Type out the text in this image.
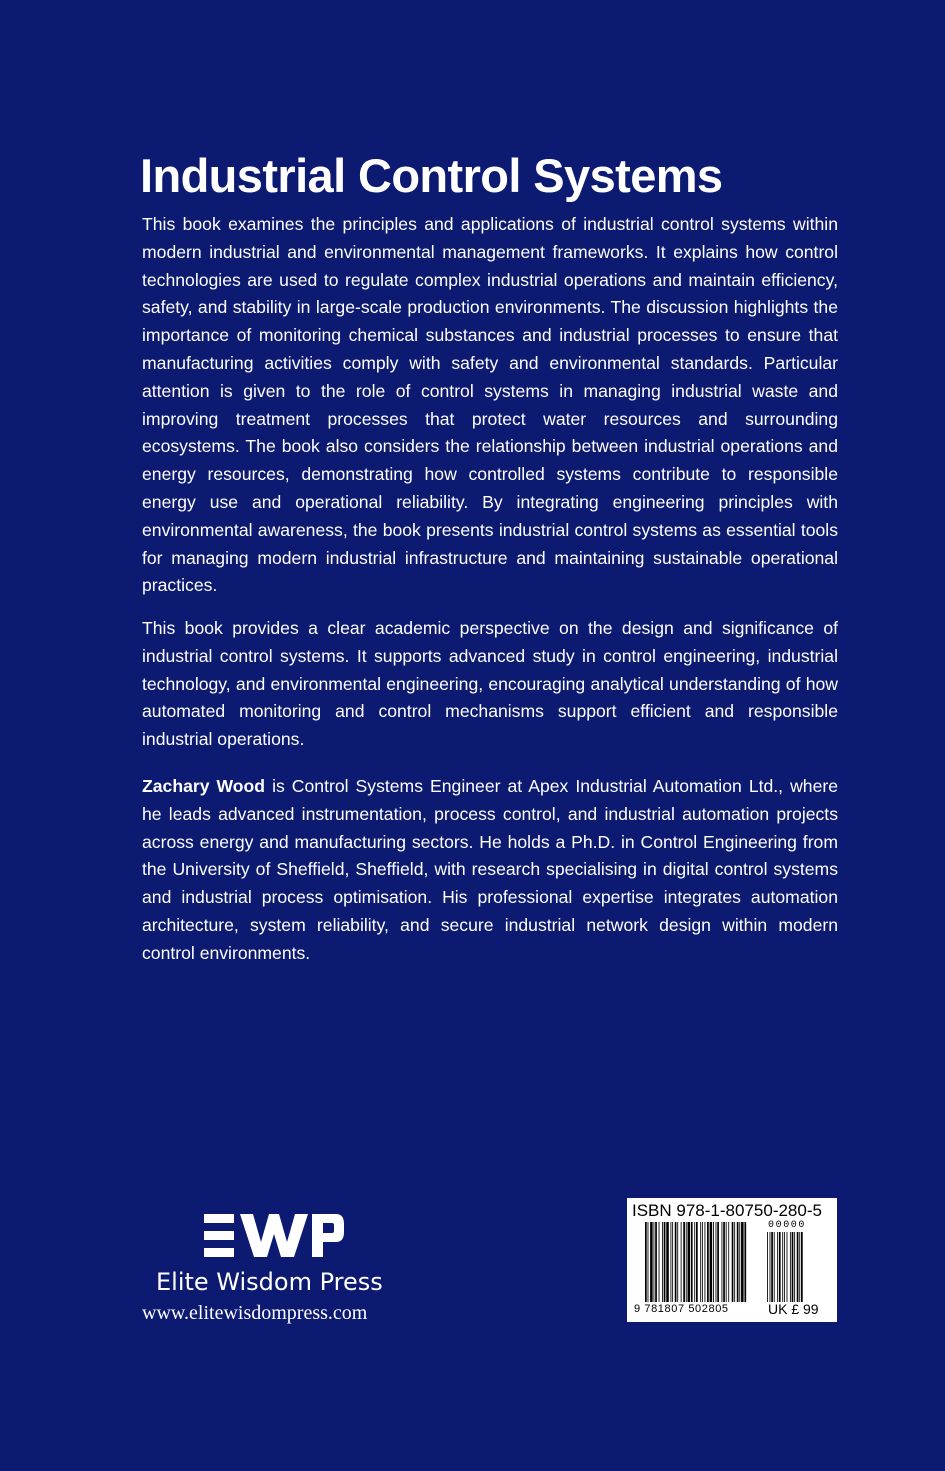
Industrial Control Systems

This book examines the principles and applications of industrial control systems within modern industrial and environmental management frameworks. It explains how control technologies are used to regulate complex industrial operations and maintain efficiency, safety, and stability in large-scale production environments. The discussion highlights the importance of monitoring chemical substances and industrial processes to ensure that manufacturing activities comply with safety and environmental standards. Particular attention is given to the role of control systems in managing industrial waste and improving treatment processes that protect water resources and surrounding ecosystems. The book also considers the relationship between industrial operations and energy resources, demonstrating how controlled systems contribute to responsible energy use and operational reliability. By integrating engineering principles with environmental awareness, the book presents industrial control systems as essential tools for managing modern industrial infrastructure and maintaining sustainable operational practices.

This book provides a clear academic perspective on the design and significance of industrial control systems. It supports advanced study in control engineering, industrial technology, and environmental engineering, encouraging analytical understanding of how automated monitoring and control mechanisms support efficient and responsible industrial operations.

Zachary Wood is Control Systems Engineer at Apex Industrial Automation Ltd., where he leads advanced instrumentation, process control, and industrial automation projects across energy and manufacturing sectors. He holds a Ph.D. in Control Engineering from the University of Sheffield, Sheffield, with research specialising in digital control systems and industrial process optimisation. His professional expertise integrates automation architecture, system reliability, and secure industrial network design within modern control environments.

Elite Wisdom Press
www.elitewisdompress.com
ISBN 978-1-80750-280-5
00000
9 781807 502805	UK £ 99
